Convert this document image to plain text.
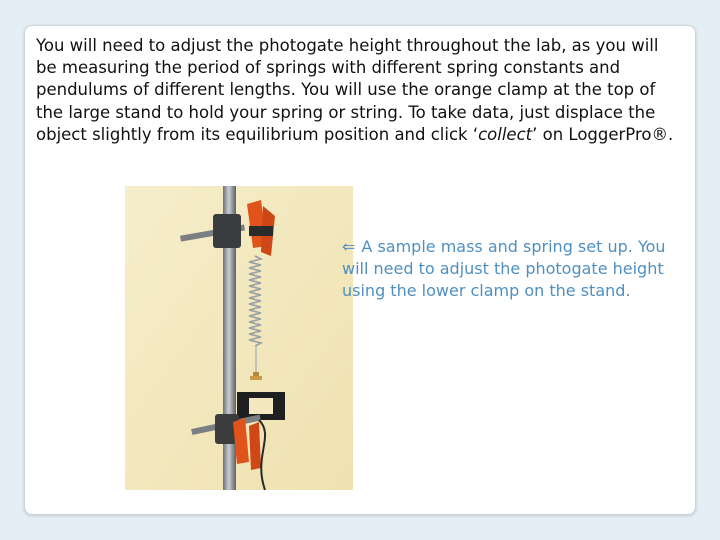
You will need to adjust the photogate height throughout the lab, as you will be measuring the period of springs with different spring constants and pendulums of different lengths. You will use the orange clamp at the top of the large stand to hold your spring or string. To take data, just displace the object slightly from its equilibrium position and click ‘collect’ on LoggerPro®.
⇐ A sample mass and spring set up. You will need to adjust the photogate height using the lower clamp on the stand.
